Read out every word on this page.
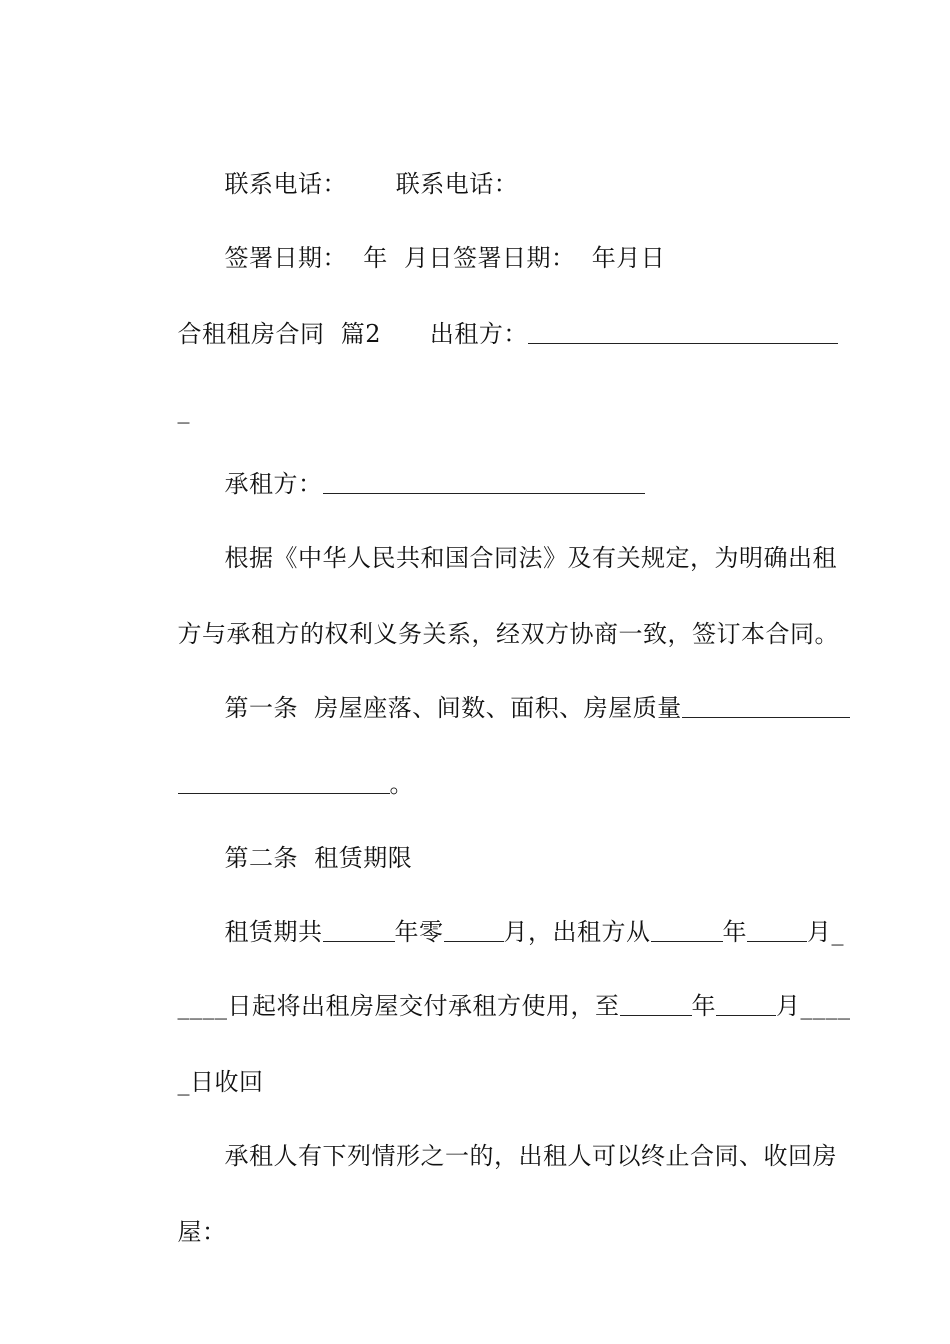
联系电话：      联系电话：

签署日期：  年  月日签署日期：  年月日

合租租房合同  篇2      出租方：

_

承租方：

根据《中华人民共和国合同法》及有关规定，为明确出租

方与承租方的权利义务关系，经双方协商一致，签订本合同。

第一条  房屋座落、间数、面积、房屋质量

。

第二条  租赁期限

租赁期共	年零	月，出租方从	年	月_

____日起将出租房屋交付承租方使用，至	年	月____

_日收回

承租人有下列情形之一的，出租人可以终止合同、收回房

屋：
